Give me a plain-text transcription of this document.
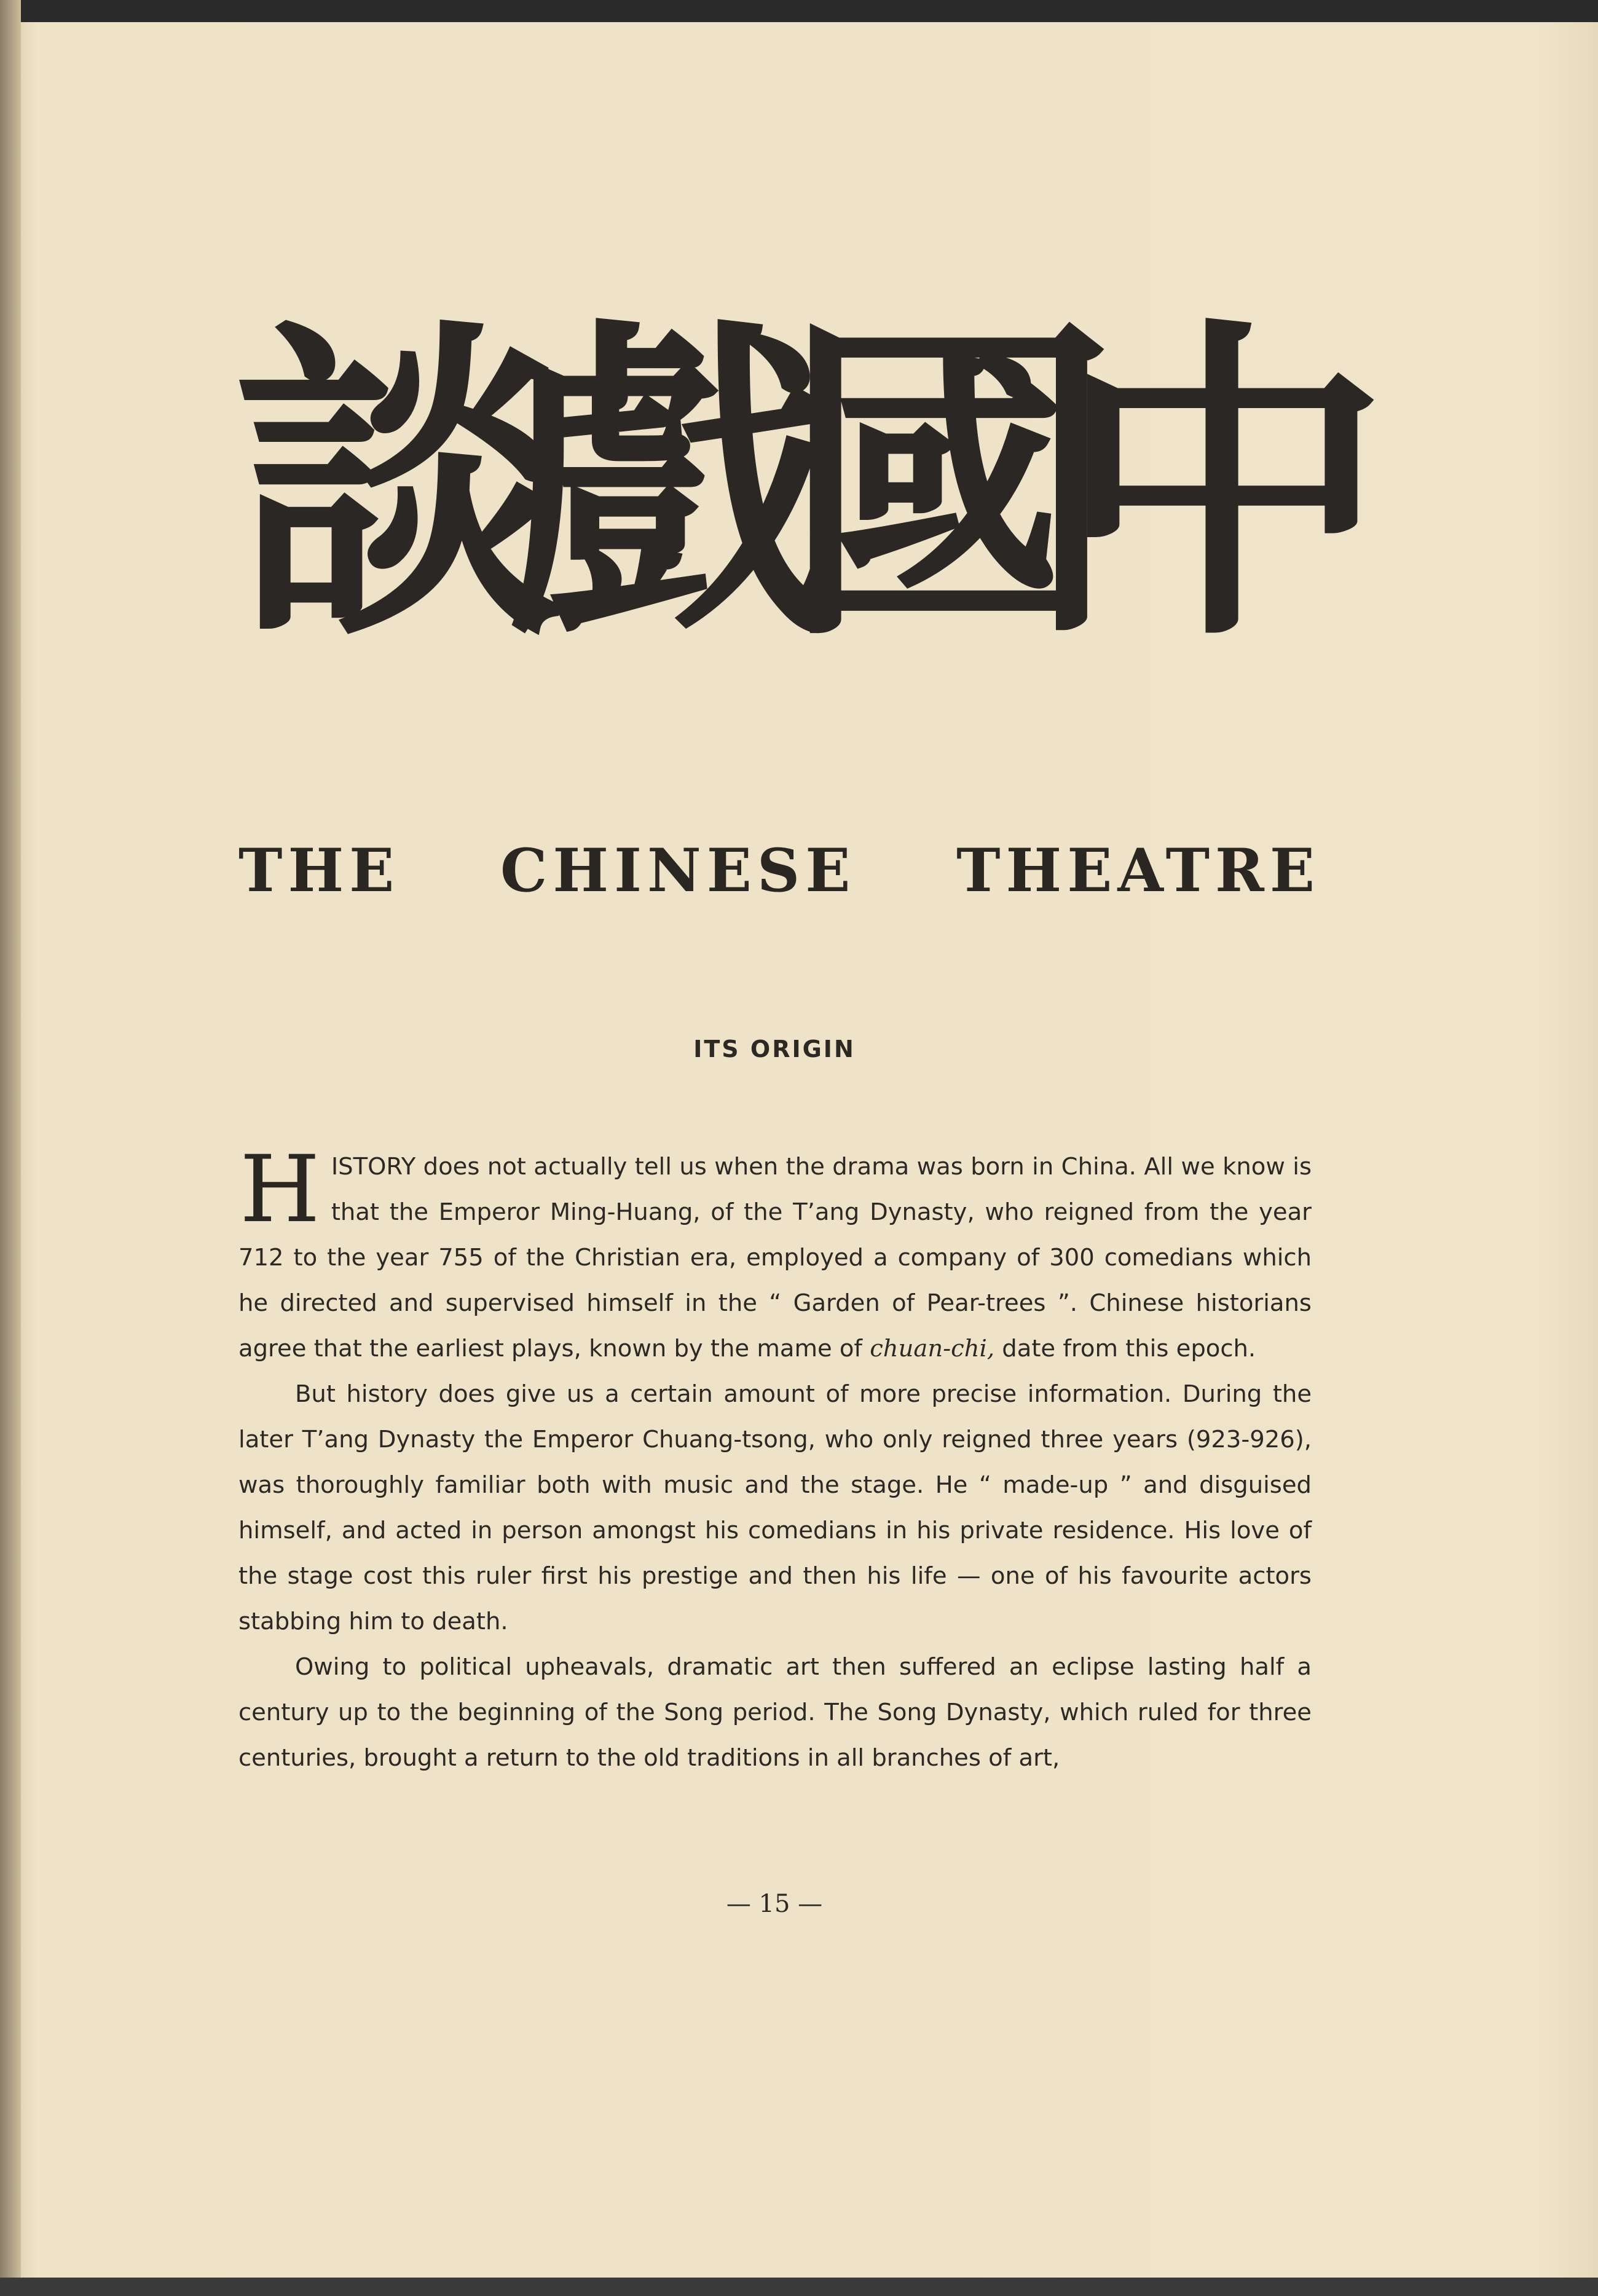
談
戲
國
中
THE CHINESE THEATRE
ITS ORIGIN

HISTORY does not actually tell us when the drama was born in China. All we know is that the Emperor Ming-Huang, of the T’ang Dynasty, who reigned from the year 712 to the year 755 of the Christian era, employed a company of 300 comedians which he directed and supervised himself in the “ Garden of Pear-trees ”. Chinese historians agree that the earliest plays, known by the mame of chuan-chi, date from this epoch.

But history does give us a certain amount of more precise information. During the later T’ang Dynasty the Emperor Chuang-tsong, who only reigned three years (923-926), was thoroughly familiar both with music and the stage. He “ made-up ” and disguised himself, and acted in person amongst his comedians in his private residence. His love of the stage cost this ruler first his prestige and then his life — one of his favourite actors stabbing him to death.

Owing to political upheavals, dramatic art then suffered an eclipse lasting half a century up to the beginning of the Song period. The Song Dynasty, which ruled for three centuries, brought a return to the old traditions in all branches of art,

— 15 —
